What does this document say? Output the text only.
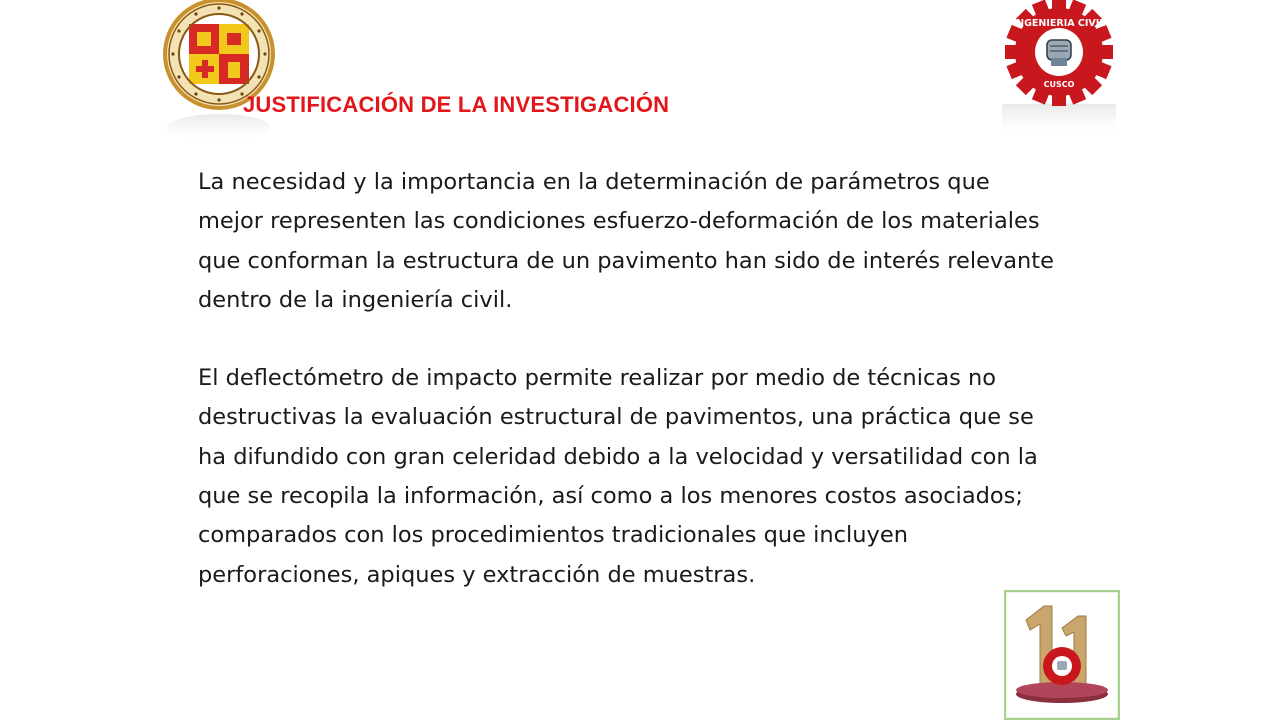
JUSTIFICACIÓN DE LA INVESTIGACIÓN
INGENIERIA CIVIL
CUSCO

La necesidad y la importancia en la determinación de parámetros que mejor representen las condiciones esfuerzo-deformación de los materiales que conforman la estructura de un pavimento han sido de interés relevante dentro de la ingeniería civil.

El deflectómetro de impacto permite realizar por medio de técnicas no destructivas la evaluación estructural de pavimentos, una práctica que se ha difundido con gran celeridad debido a la velocidad y versatilidad con la que se recopila la información, así como a los menores costos asociados; comparados con los procedimientos tradicionales que incluyen perforaciones, apiques y extracción de muestras.
